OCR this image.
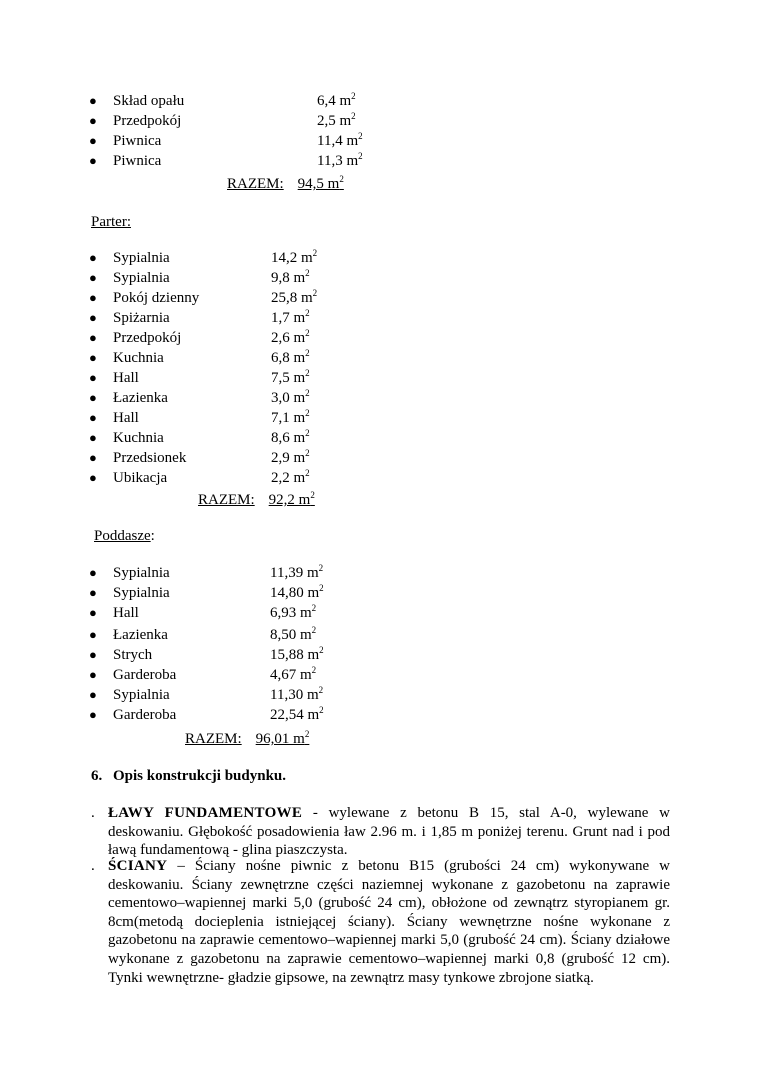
● Skład opału	6,4 $m^2$
● Przedpokój	2,5 $m^2$
● Piwnica	11,4 $m^2$
● Piwnica	11,3 $m^2$
RAZEM: 94,5 $m^2$
Parter:
● Sypialnia	14,2 $m^2$
● Sypialnia	9,8 $m^2$
● Pokój dzienny	25,8 $m^2$
● Spiżarnia	1,7 $m^2$
● Przedpokój	2,6 $m^2$
● Kuchnia	6,8 $m^2$
● Hall	7,5 $m^2$
● Łazienka	3,0 $m^2$
● Hall	7,1 $m^2$
● Kuchnia	8,6 $m^2$
● Przedsionek	2,9 $m^2$
● Ubikacja	2,2 $m^2$
RAZEM: 92,2 $m^2$
Poddasze:
● Sypialnia	11,39 $m^2$
● Sypialnia	14,80 $m^2$
● Hall	6,93 $m^2$
● Łazienka	8,50 $m^2$
● Strych	15,88 $m^2$
● Garderoba	4,67 $m^2$
● Sypialnia	11,30 $m^2$
● Garderoba	22,54 $m^2$
RAZEM: 96,01 $m^2$
6. Opis konstrukcji budynku.
. ŁAWY FUNDAMENTOWE - wylewane z betonu B 15, stal A-0, wylewane w deskowaniu. Głębokość posadowienia ław 2.96 m. i 1,85 m poniżej terenu. Grunt nad i pod ławą fundamentową - glina piaszczysta.
. ŚCIANY – Ściany nośne piwnic z betonu B15 (grubości 24 cm) wykonywane w deskowaniu. Ściany zewnętrzne części naziemnej wykonane z gazobetonu na zaprawie cementowo–wapiennej marki 5,0 (grubość 24 cm), obłożone od zewnątrz styropianem gr. 8cm(metodą docieplenia istniejącej ściany). Ściany wewnętrzne nośne wykonane z gazobetonu na zaprawie cementowo–wapiennej marki 5,0 (grubość 24 cm). Ściany działowe wykonane z gazobetonu na zaprawie cementowo–wapiennej marki 0,8 (grubość 12 cm). Tynki wewnętrzne- gładzie gipsowe, na zewnątrz masy tynkowe zbrojone siatką.
